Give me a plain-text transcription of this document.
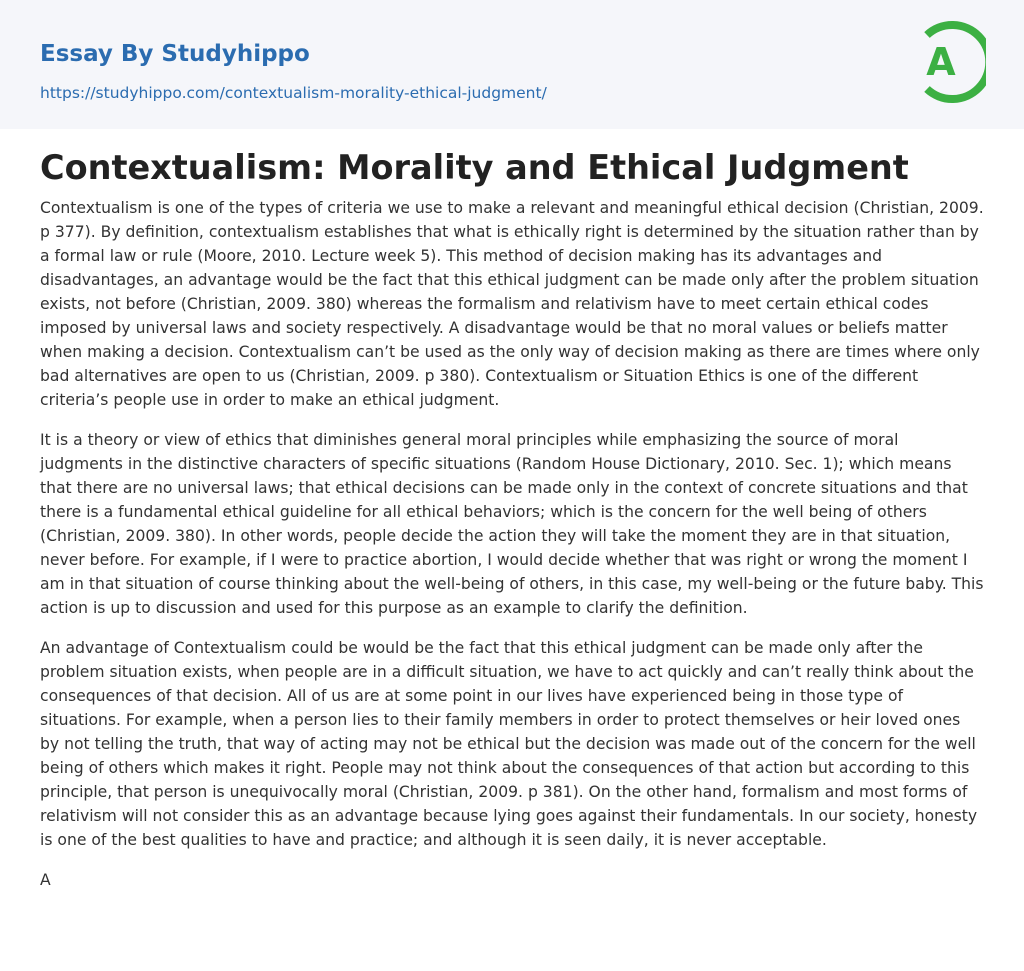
Essay By Studyhippo
https://studyhippo.com/contextualism-morality-ethical-judgment/
A
Contextualism: Morality and Ethical Judgment

Contextualism is one of the types of criteria we use to make a relevant and meaningful ethical decision (Christian, 2009. p 377). By definition, contextualism establishes that what is ethically right is determined by the situation rather than by a formal law or rule (Moore, 2010. Lecture week 5). This method of decision making has its advantages and disadvantages, an advantage would be the fact that this ethical judgment can be made only after the problem situation exists, not before (Christian, 2009. 380) whereas the formalism and relativism have to meet certain ethical codes imposed by universal laws and society respectively. A disadvantage would be that no moral values or beliefs matter when making a decision. Contextualism can’t be used as the only way of decision making as there are times where only bad alternatives are open to us (Christian, 2009. p 380). Contextualism or Situation Ethics is one of the different criteria’s people use in order to make an ethical judgment.

It is a theory or view of ethics that diminishes general moral principles while emphasizing the source of moral judgments in the distinctive characters of specific situations (Random House Dictionary, 2010. Sec. 1); which means that there are no universal laws; that ethical decisions can be made only in the context of concrete situations and that there is a fundamental ethical guideline for all ethical behaviors; which is the concern for the well being of others (Christian, 2009. 380). In other words, people decide the action they will take the moment they are in that situation, never before. For example, if I were to practice abortion, I would decide whether that was right or wrong the moment I am in that situation of course thinking about the well-being of others, in this case, my well-being or the future baby. This action is up to discussion and used for this purpose as an example to clarify the definition.

An advantage of Contextualism could be would be the fact that this ethical judgment can be made only after the problem situation exists, when people are in a difficult situation, we have to act quickly and can’t really think about the consequences of that decision. All of us are at some point in our lives have experienced being in those type of situations. For example, when a person lies to their family members in order to protect themselves or heir loved ones by not telling the truth, that way of acting may not be ethical but the decision was made out of the concern for the well being of others which makes it right. People may not think about the consequences of that action but according to this principle, that person is unequivocally moral (Christian, 2009. p 381). On the other hand, formalism and most forms of relativism will not consider this as an advantage because lying goes against their fundamentals. In our society, honesty is one of the best qualities to have and practice; and although it is seen daily, it is never acceptable.

A
